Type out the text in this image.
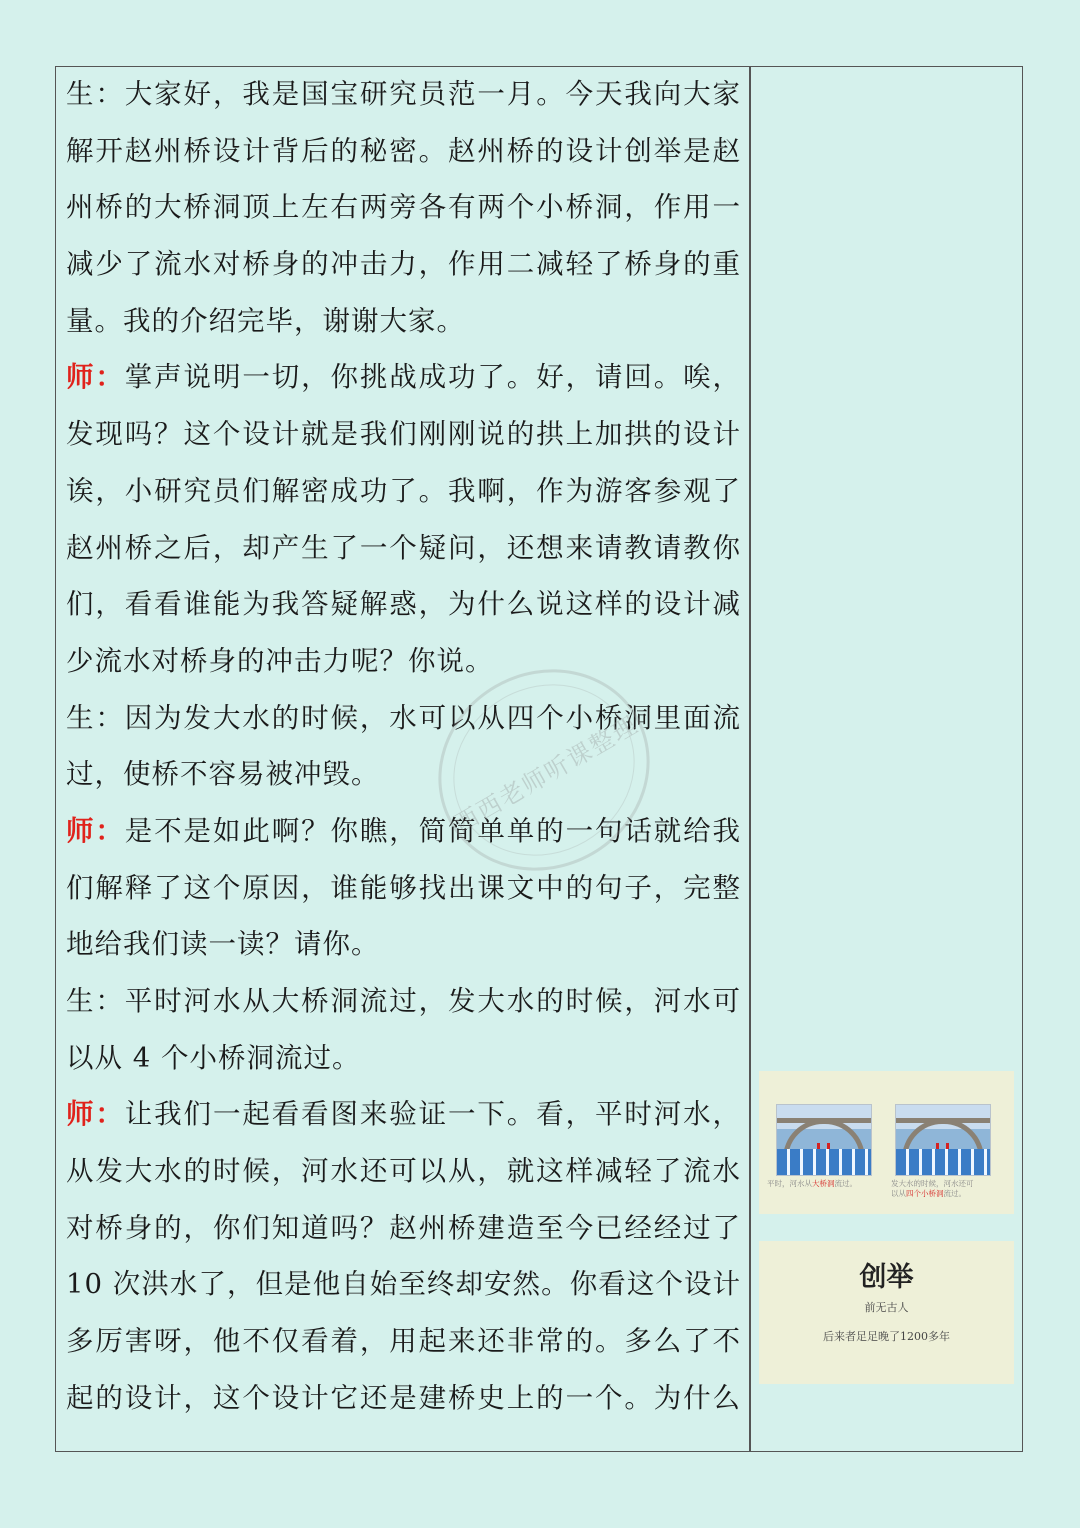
生：大家好，我是国宝研究员范一月。今天我向大家
解开赵州桥设计背后的秘密。赵州桥的设计创举是赵
州桥的大桥洞顶上左右两旁各有两个小桥洞，作用一
减少了流水对桥身的冲击力，作用二减轻了桥身的重
量。我的介绍完毕，谢谢大家。
师：掌声说明一切，你挑战成功了。好，请回。唉，
发现吗？这个设计就是我们刚刚说的拱上加拱的设计
诶，小研究员们解密成功了。我啊，作为游客参观了
赵州桥之后，却产生了一个疑问，还想来请教请教你
们，看看谁能为我答疑解惑，为什么说这样的设计减
少流水对桥身的冲击力呢？你说。
生：因为发大水的时候，水可以从四个小桥洞里面流
过，使桥不容易被冲毁。
师：是不是如此啊？你瞧，简简单单的一句话就给我
们解释了这个原因，谁能够找出课文中的句子，完整
地给我们读一读？请你。
生：平时河水从大桥洞流过，发大水的时候，河水可
以从 4 个小桥洞流过。
师：让我们一起看看图来验证一下。看，平时河水，
从发大水的时候，河水还可以从，就这样减轻了流水
对桥身的，你们知道吗？赵州桥建造至今已经经过了
10 次洪水了，但是他自始至终却安然。你看这个设计
多厉害呀，他不仅看着，用起来还非常的。多么了不
起的设计，这个设计它还是建桥史上的一个。为什么
西西老师听课整理
平时，河水从大桥洞流过。	发大水的时候，河水还可
以从四个小桥洞流过。
创举
前无古人
后来者足足晚了1200多年
